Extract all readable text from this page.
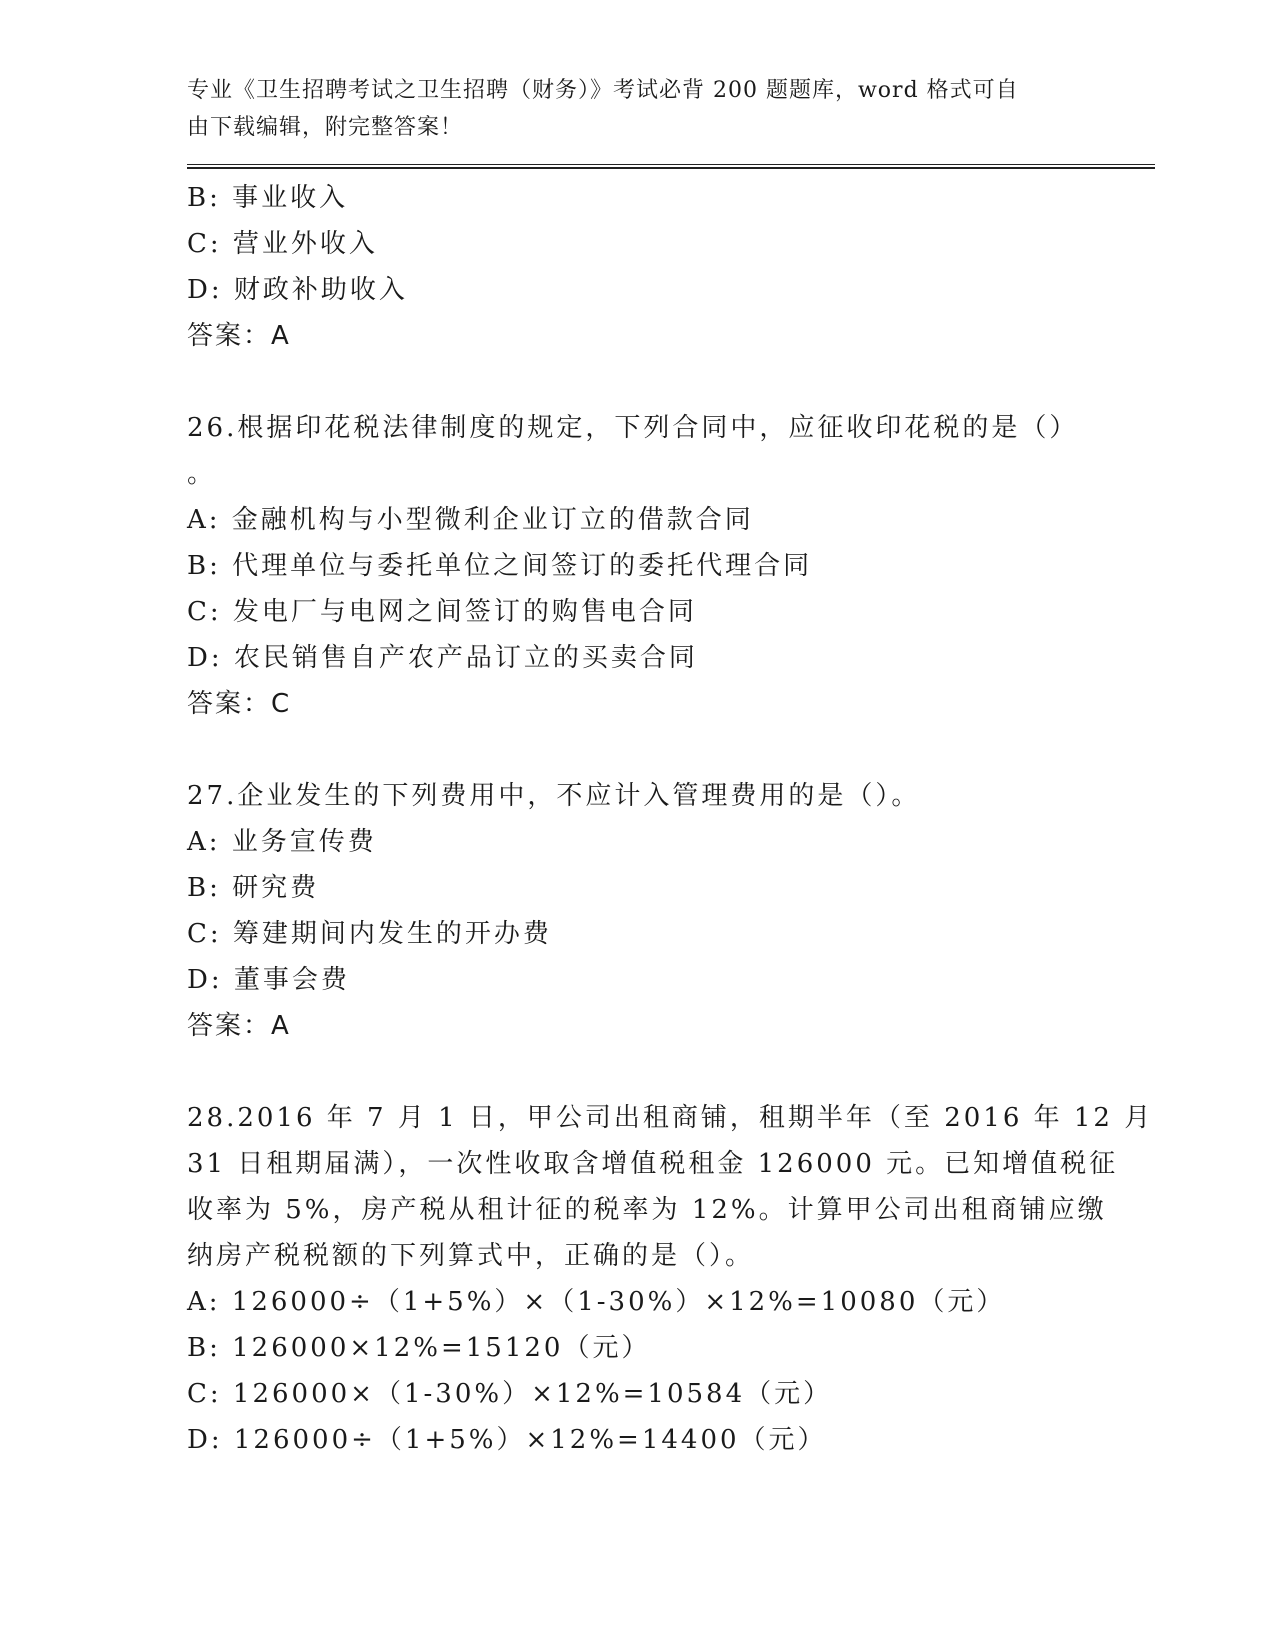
专业《卫生招聘考试之卫生招聘（财务）》考试必背 200 题题库，word 格式可自
由下载编辑，附完整答案！
B: 事业收入
C: 营业外收入
D: 财政补助收入
答案：A
26.根据印花税法律制度的规定，下列合同中，应征收印花税的是（）
。
A: 金融机构与小型微利企业订立的借款合同
B: 代理单位与委托单位之间签订的委托代理合同
C: 发电厂与电网之间签订的购售电合同
D: 农民销售自产农产品订立的买卖合同
答案：C
27.企业发生的下列费用中，不应计入管理费用的是（）。
A: 业务宣传费
B: 研究费
C: 筹建期间内发生的开办费
D: 董事会费
答案：A
28.2016 年 7 月 1 日，甲公司出租商铺，租期半年（至 2016 年 12 月
31 日租期届满），一次性收取含增值税租金 126000 元。已知增值税征
收率为 5%，房产税从租计征的税率为 12%。计算甲公司出租商铺应缴
纳房产税税额的下列算式中，正确的是（）。
A: 126000÷（1+5%）×（1-30%）×12%=10080（元）
B: 126000×12%=15120（元）
C: 126000×（1-30%）×12%=10584（元）
D: 126000÷（1+5%）×12%=14400（元）
